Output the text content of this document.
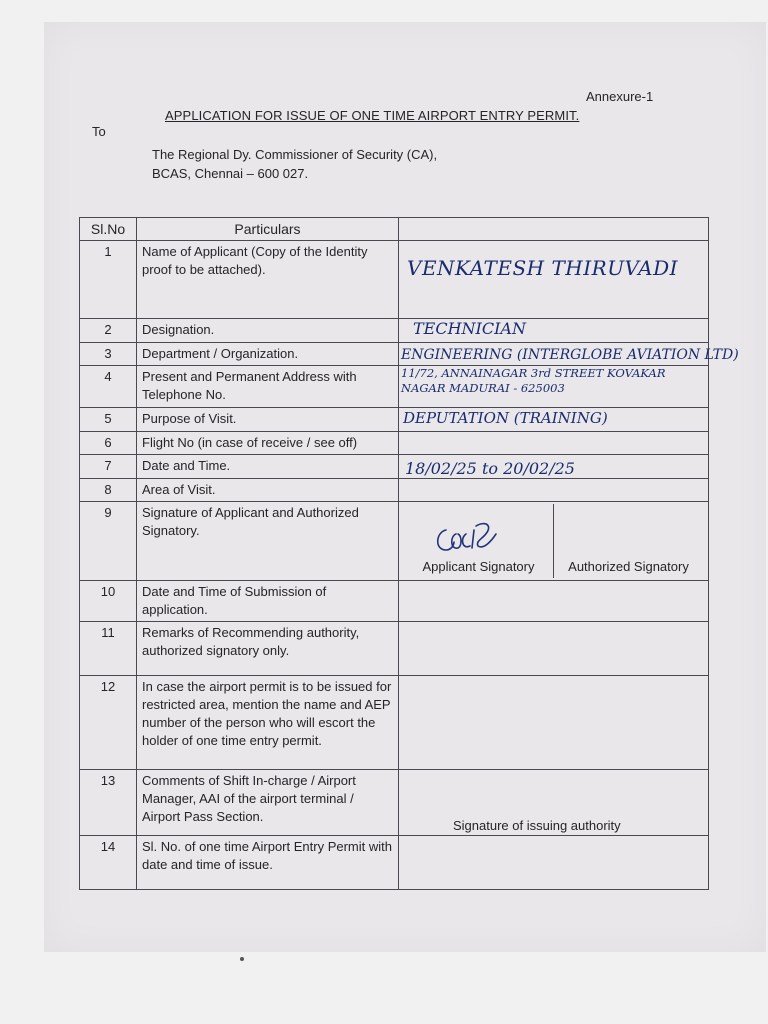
Annexure-1
APPLICATION FOR ISSUE OF ONE TIME AIRPORT ENTRY PERMIT.
To
The Regional Dy. Commissioner of Security (CA),
BCAS, Chennai – 600 027.
Sl.No	Particulars	
1	Name of Applicant (Copy of the Identity proof to be attached).	VENKATESH THIRUVADI

2	Designation.	TECHNICIAN

3	Department / Organization.	ENGINEERING (INTERGLOBE AVIATION LTD)

4	Present and Permanent Address with Telephone No.	11/72, ANNAINAGAR 3rd STREET KOVAKAR
NAGAR MADURAI - 625003

5	Purpose of Visit.	DEPUTATION (TRAINING)

6	Flight No (in case of receive / see off)	
7	Date and Time.	18/02/25 to 20/02/25

8	Area of Visit.	
9	Signature of Applicant and Authorized Signatory.	Applicant Signatory Authorized Signatory

10	Date and Time of Submission of application.	
11	Remarks of Recommending authority, authorized signatory only.	
12	In case the airport permit is to be issued for restricted area, mention the name and AEP number of the person who will escort the holder of one time entry permit.	
13	Comments of Shift In-charge / Airport Manager, AAI of the airport terminal / Airport Pass Section.	Signature of issuing authority

14	Sl. No. of one time Airport Entry Permit with date and time of issue.	
